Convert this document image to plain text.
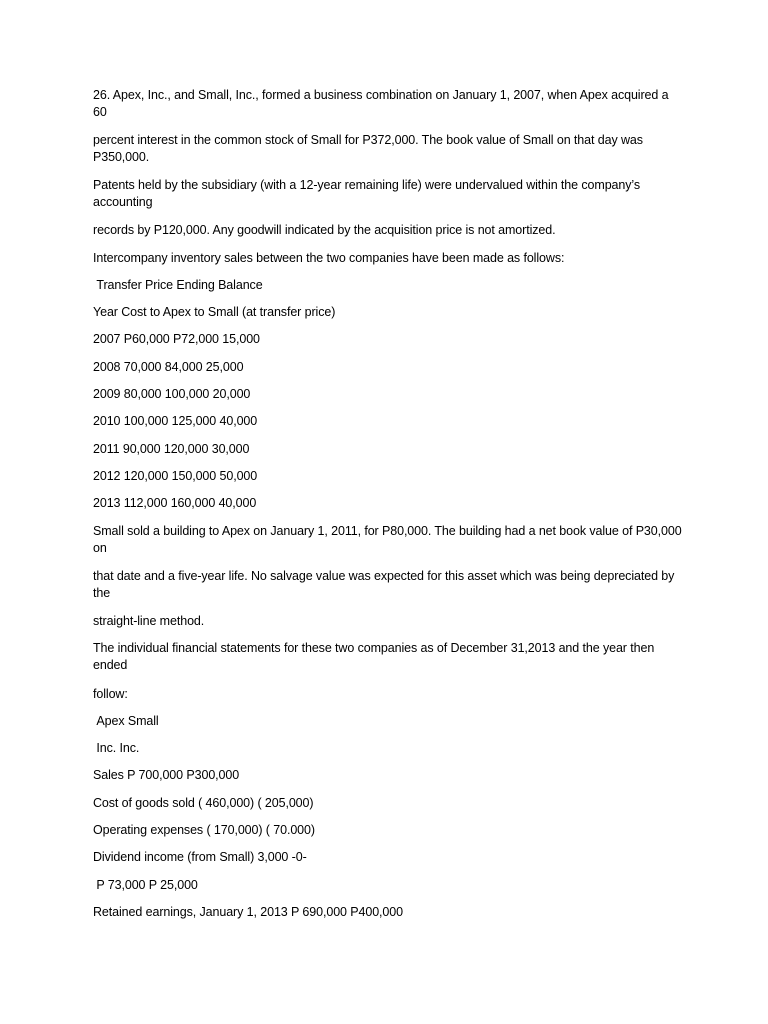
26. Apex, Inc., and Small, Inc., formed a business combination on January 1, 2007, when Apex acquired a 60
percent interest in the common stock of Small for P372,000. The book value of Small on that day was P350,000.
Patents held by the subsidiary (with a 12-year remaining life) were undervalued within the company’s accounting
records by P120,000. Any goodwill indicated by the acquisition price is not amortized.
Intercompany inventory sales between the two companies have been made as follows:
Transfer Price Ending Balance
Year Cost to Apex to Small (at transfer price)
2007 P60,000 P72,000 15,000
2008 70,000 84,000 25,000
2009 80,000 100,000 20,000
2010 100,000 125,000 40,000
2011 90,000 120,000 30,000
2012 120,000 150,000 50,000
2013 112,000 160,000 40,000
Small sold a building to Apex on January 1, 2011, for P80,000. The building had a net book value of P30,000 on
that date and a five-year life. No salvage value was expected for this asset which was being depreciated by the
straight-line method.
The individual financial statements for these two companies as of December 31,2013 and the year then ended
follow:
Apex Small
Inc. Inc.
Sales P 700,000 P300,000
Cost of goods sold ( 460,000) ( 205,000)
Operating expenses ( 170,000) ( 70.000)
Dividend income (from Small) 3,000 -0-
P 73,000 P 25,000
Retained earnings, January 1, 2013 P 690,000 P400,000
